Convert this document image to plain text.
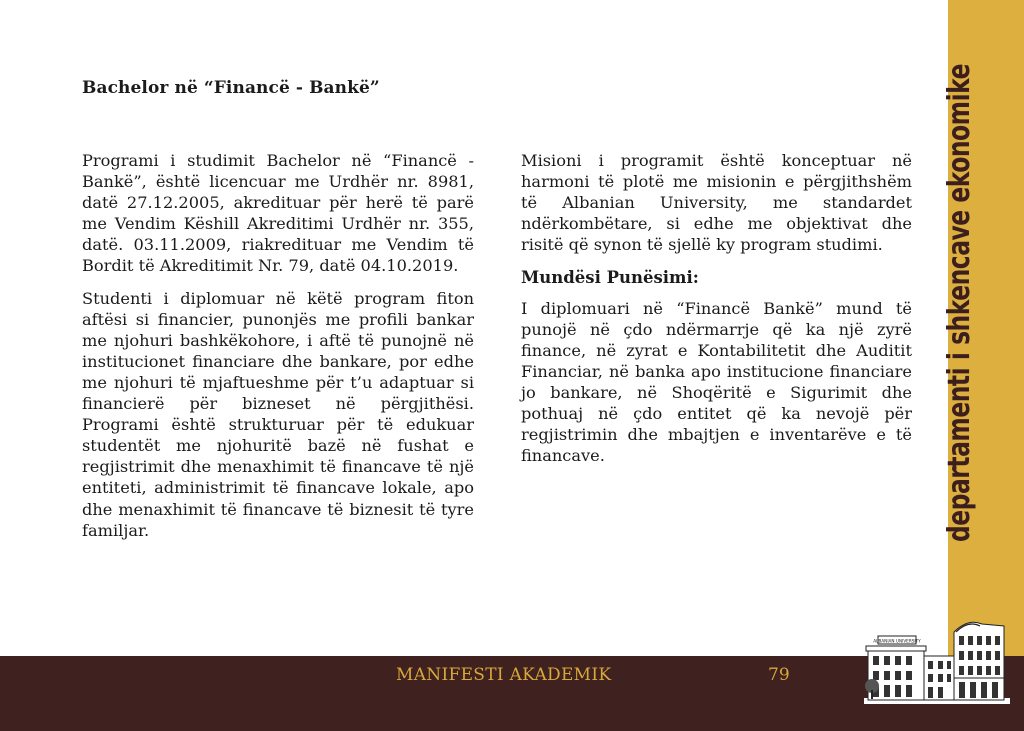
Bachelor në “Financë - Bankë”

Programi i studimit Bachelor në “Financë -Bankë”, është licencuar me Urdhër nr. 8981, datë 27.12.2005, akredituar për herë të parë me Vendim Këshill Akreditimi Urdhër nr. 355, datë. 03.11.2009, riakredituar me Vendim të Bordit të Akreditimit Nr. 79, datë 04.10.2019.

Studenti i diplomuar në këtë program fiton aftësi si financier, punonjës me profili bankar me njohuri bashkëkohore, i aftë të punojnë në institucionet financiare dhe bankare, por edhe me njohuri të mjaftueshme për t’u adaptuar si financierë për bizneset në përgjithësi. Programi është strukturuar për të edukuar studentët me njohuritë bazë në fushat e regjistrimit dhe menaxhimit të financave të një entiteti, administrimit të financave lokale, apo dhe menaxhimit të financave të biznesit të tyre familjar.

Misioni i programit është konceptuar në harmoni të plotë me misionin e përgjithshëm të Albanian University, me standardet ndërkombëtare, si edhe me objektivat dhe risitë që synon të sjellë ky program studimi.

Mundësi Punësimi:

I diplomuari në “Financë Bankë” mund të punojë në çdo ndërmarrje që ka një zyrë finance, në zyrat e Kontabilitetit dhe Auditit Financiar, në banka apo institucione financiare jo bankare, në Shoqëritë e Sigurimit dhe pothuaj në çdo entitet që ka nevojë për regjistrimin dhe mbajtjen e inventarëve e të financave.	departamenti i shkencave ekonomike
MANIFESTI AKADEMIK	79
ALBANIAN UNIVERSITY
